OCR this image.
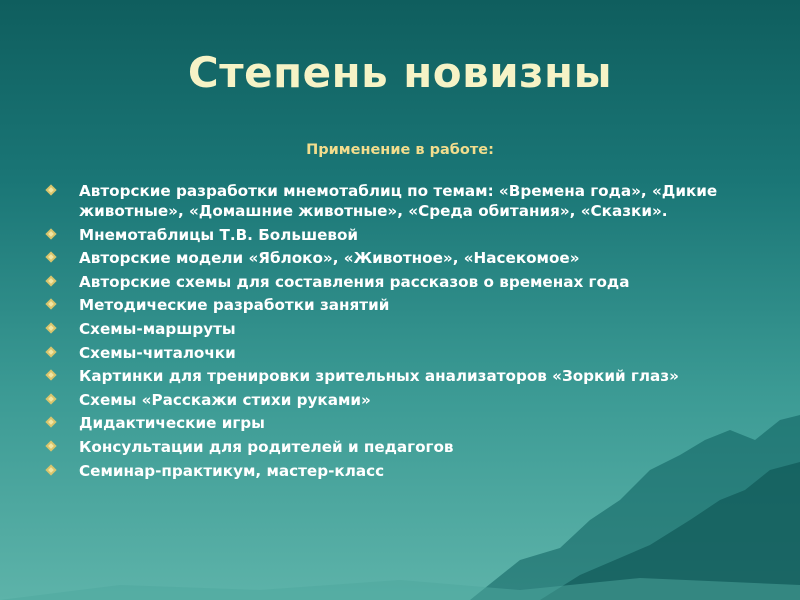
Степень новизны
Применение в работе:
Авторские разработки мнемотаблиц по темам: «Времена года», «Дикие животные», «Домашние животные», «Среда обитания», «Сказки».
Мнемотаблицы Т.В. Большевой
Авторские модели «Яблоко», «Животное», «Насекомое»
Авторские схемы для составления рассказов о временах года
Методические разработки занятий
Схемы-маршруты
Схемы-читалочки
Картинки для тренировки зрительных анализаторов «Зоркий глаз»
Схемы «Расскажи стихи руками»
Дидактические игры
Консультации для родителей и педагогов
Семинар-практикум, мастер-класс
